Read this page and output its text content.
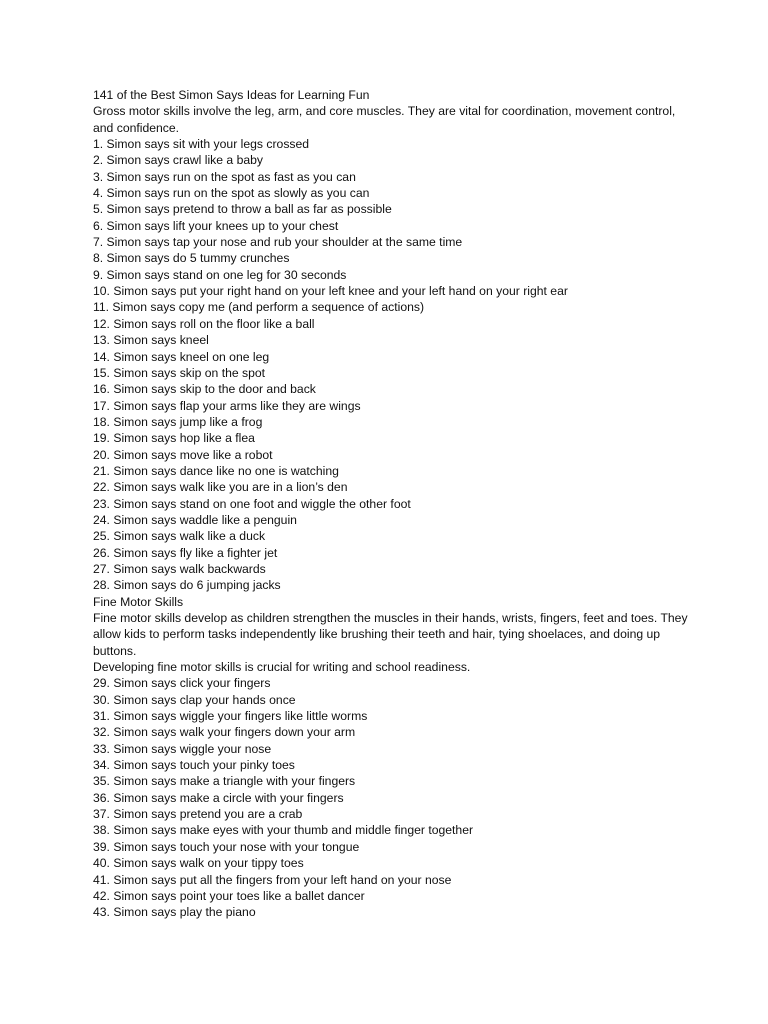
141 of the Best Simon Says Ideas for Learning Fun
Gross motor skills involve the leg, arm, and core muscles. They are vital for coordination, movement control, and confidence.
1. Simon says sit with your legs crossed
2. Simon says crawl like a baby
3. Simon says run on the spot as fast as you can
4. Simon says run on the spot as slowly as you can
5. Simon says pretend to throw a ball as far as possible
6. Simon says lift your knees up to your chest
7. Simon says tap your nose and rub your shoulder at the same time
8. Simon says do 5 tummy crunches
9. Simon says stand on one leg for 30 seconds
10. Simon says put your right hand on your left knee and your left hand on your right ear
11. Simon says copy me (and perform a sequence of actions)
12. Simon says roll on the floor like a ball
13. Simon says kneel
14. Simon says kneel on one leg
15. Simon says skip on the spot
16. Simon says skip to the door and back
17. Simon says flap your arms like they are wings
18. Simon says jump like a frog
19. Simon says hop like a flea
20. Simon says move like a robot
21. Simon says dance like no one is watching
22. Simon says walk like you are in a lion’s den
23. Simon says stand on one foot and wiggle the other foot
24. Simon says waddle like a penguin
25. Simon says walk like a duck
26. Simon says fly like a fighter jet
27. Simon says walk backwards
28. Simon says do 6 jumping jacks
Fine Motor Skills
Fine motor skills develop as children strengthen the muscles in their hands, wrists, fingers, feet and toes. They allow kids to perform tasks independently like brushing their teeth and hair, tying shoelaces, and doing up buttons.
Developing fine motor skills is crucial for writing and school readiness.
29. Simon says click your fingers
30. Simon says clap your hands once
31. Simon says wiggle your fingers like little worms
32. Simon says walk your fingers down your arm
33. Simon says wiggle your nose
34. Simon says touch your pinky toes
35. Simon says make a triangle with your fingers
36. Simon says make a circle with your fingers
37. Simon says pretend you are a crab
38. Simon says make eyes with your thumb and middle finger together
39. Simon says touch your nose with your tongue
40. Simon says walk on your tippy toes
41. Simon says put all the fingers from your left hand on your nose
42. Simon says point your toes like a ballet dancer
43. Simon says play the piano
